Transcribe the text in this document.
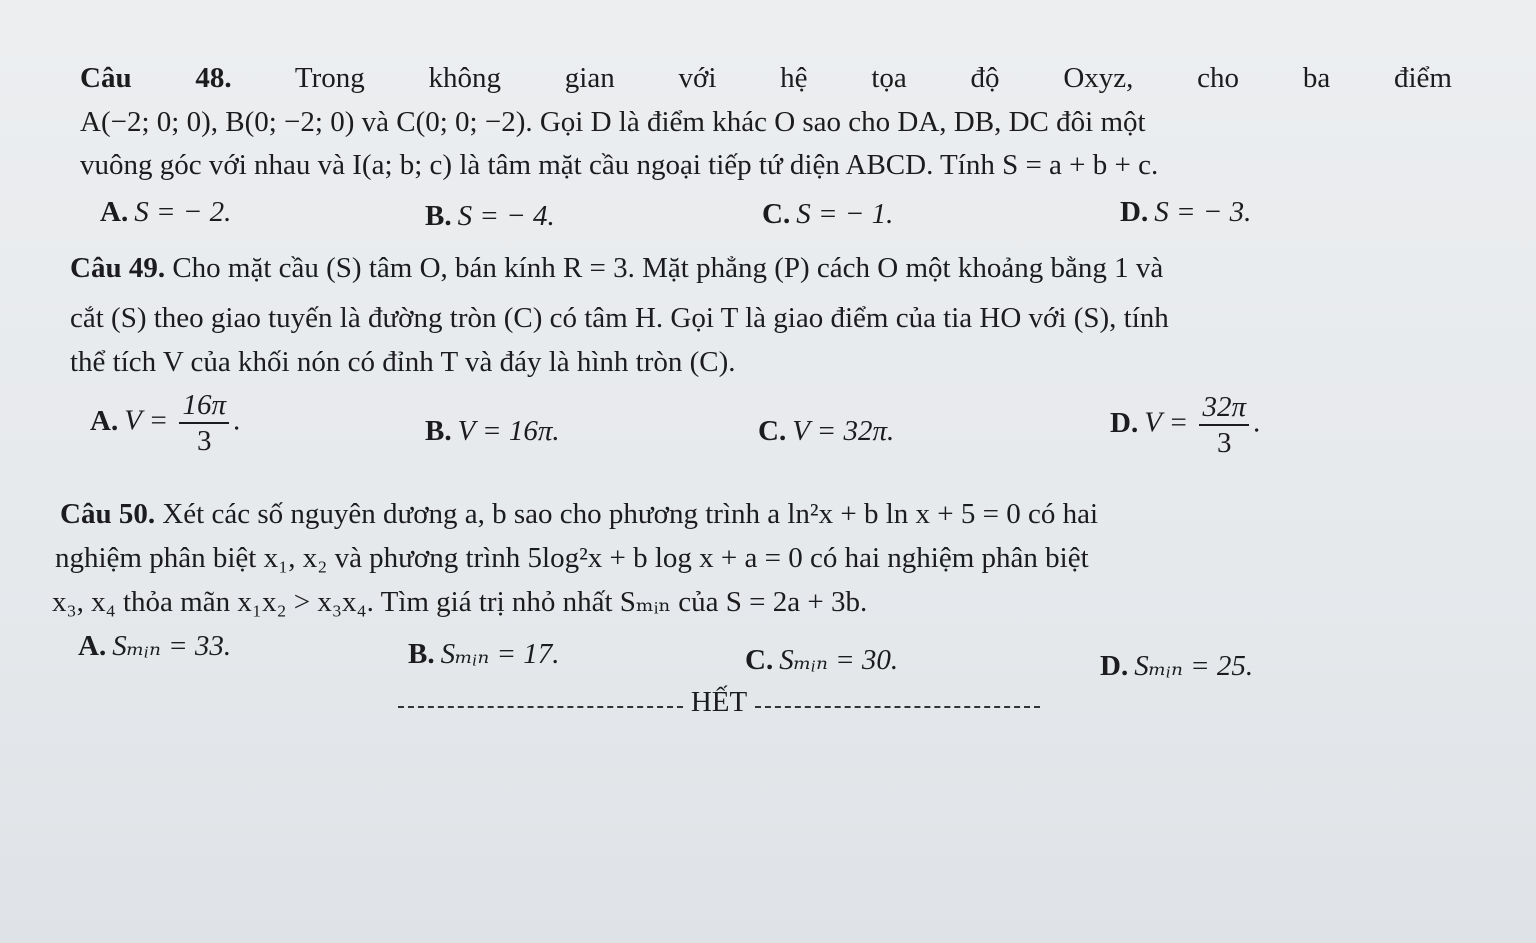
Câu 48. Trong không gian với hệ tọa độ Oxyz, cho ba điểm
A(−2; 0; 0), B(0; −2; 0) và C(0; 0; −2). Gọi D là điểm khác O sao cho DA, DB, DC đôi một
vuông góc với nhau và I(a; b; c) là tâm mặt cầu ngoại tiếp tứ diện ABCD. Tính S = a + b + c.
A. S = − 2.	B. S = − 4.	C. S = − 1.	D. S = − 3.
Câu 49. Cho mặt cầu (S) tâm O, bán kính R = 3. Mặt phẳng (P) cách O một khoảng bằng 1 và
cắt (S) theo giao tuyến là đường tròn (C) có tâm H. Gọi T là giao điểm của tia HO với (S), tính
thể tích V của khối nón có đỉnh T và đáy là hình tròn (C).
A. $V = \frac{16\pi}{3}$ .	B. V = 16π.	C. V = 32π.	D. $V = \frac{32\pi}{3}$ .
Câu 50. Xét các số nguyên dương a, b sao cho phương trình a ln²x + b ln x + 5 = 0 có hai
nghiệm phân biệt x₁, x₂ và phương trình 5log²x + b log x + a = 0 có hai nghiệm phân biệt
x₃, x₄ thỏa mãn x₁x₂ > x₃x₄. Tìm giá trị nhỏ nhất Sₘᵢₙ của S = 2a + 3b.
A. Sₘᵢₙ = 33.	B. Sₘᵢₙ = 17.	C. Sₘᵢₙ = 30.	D. Sₘᵢₙ = 25.
HẾT
